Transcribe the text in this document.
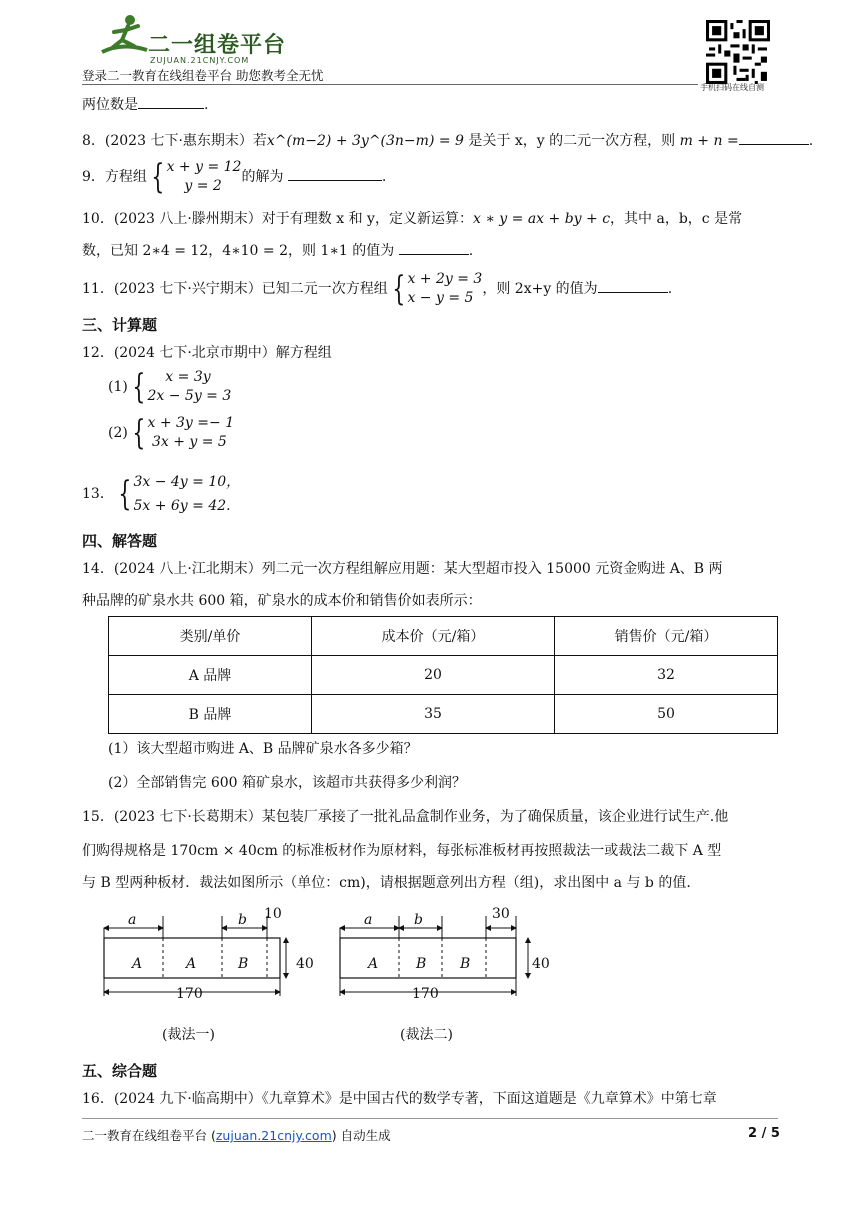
二一组卷平台
ZUJUAN.21CNJY.COM
登录二一教育在线组卷平台 助您教考全无忧
手机扫码在线自测
两位数是	.
8．(2023 七下·惠东期末）若x^(m−2) + 3y^(3n−m) = 9 是关于 x，y 的二元一次方程，则 m + n =	.
9．方程组 { x + y = 12
y = 2的解为	.
10．(2023 八上·滕州期末）对于有理数 x 和 y，定义新运算：x ∗ y = ax + by + c，其中 a，b，c 是常
数，已知 2∗4 = 12，4∗10 = 2，则 1∗1 的值为	.
11．(2023 七下·兴宁期末）已知二元一次方程组 { x + 2y = 3
x − y = 5，则 2x+y 的值为	.
三、计算题
12．(2024 七下·北京市期中）解方程组
(1) { x = 3y
2x − 5y = 3
(2) { x + 3y =− 1
3x + y = 5
13． { 3x − 4y = 10，
5x + 6y = 42.
四、解答题
14．(2024 八上·江北期末）列二元一次方程组解应用题：某大型超市投入 15000 元资金购进 A、B 两
种品牌的矿泉水共 600 箱，矿泉水的成本价和销售价如表所示：
类别/单价	成本价（元/箱）	销售价（元/箱）
A 品牌	20	32
B 品牌	35	50
(1）该大型超市购进 A、B 品牌矿泉水各多少箱？
(2）全部销售完 600 箱矿泉水，该超市共获得多少利润？
15．(2023 七下·长葛期末）某包装厂承接了一批礼品盒制作业务，为了确保质量，该企业进行试生产.他
们购得规格是 170cm × 40cm 的标准板材作为原材料，每张标准板材再按照裁法一或裁法二裁下 A 型
与 B 型两种板材．裁法如图所示（单位：cm)，请根据题意列出方程（组)，求出图中 a 与 b 的值.
a	b 10
40
170
A	A	B
(裁法一)
a	b	30
40
170
A	B B
(裁法二)
五、综合题
16．(2024 九下·临高期中）《九章算术》是中国古代的数学专著，下面这道题是《九章算术》中第七章
二一教育在线组卷平台 (zujuan.21cnjy.com) 自动生成	2 / 5
